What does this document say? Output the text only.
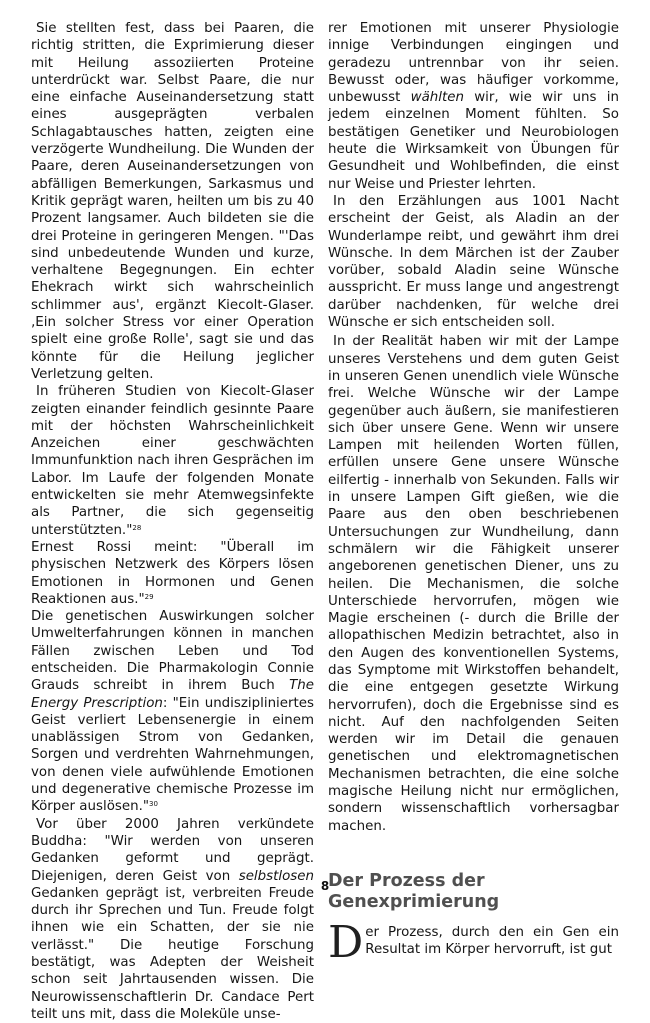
Sie stellten fest, dass bei Paaren, die richtig stritten, die Exprimierung dieser mit Heilung assoziierten Proteine unterdrückt war. Selbst Paare, die nur eine einfache Auseinandersetzung statt eines ausgeprägten verbalen Schlagabtausches hatten, zeigten eine verzögerte Wundheilung. Die Wunden der Paare, deren Auseinandersetzungen von abfälligen Bemerkungen, Sarkasmus und Kritik geprägt waren, heilten um bis zu 40 Prozent langsamer. Auch bildeten sie die drei Proteine in geringeren Mengen. "'Das sind unbedeutende Wunden und kurze, verhaltene Begegnungen. Ein echter Ehekrach wirkt sich wahrscheinlich schlimmer aus', ergänzt Kiecolt-Glaser. ‚Ein solcher Stress vor einer Operation spielt eine große Rolle', sagt sie und das könnte für die Heilung jeglicher Verletzung gelten.

In früheren Studien von Kiecolt-Glaser zeigten einander feindlich gesinnte Paare mit der höchsten Wahrscheinlichkeit Anzeichen einer geschwächten Immunfunktion nach ihren Gesprächen im Labor. Im Laufe der folgenden Monate entwickelten sie mehr Atemwegsinfekte als Partner, die sich gegenseitig unterstützten."$^{28}$

Ernest Rossi meint: "Überall im physischen Netzwerk des Körpers lösen Emotionen in Hormonen und Genen Reaktionen aus."$^{29}$

Die genetischen Auswirkungen solcher Umwelterfahrungen können in manchen Fällen zwischen Leben und Tod entscheiden. Die Pharmakologin Connie Grauds schreibt in ihrem Buch The Energy Prescription: "Ein undiszipliniertes Geist verliert Lebensenergie in einem unablässigen Strom von Gedanken, Sorgen und verdrehten Wahrnehmungen, von denen viele aufwühlende Emotionen und degenerative chemische Prozesse im Körper auslösen."$^{30}$

Vor über 2000 Jahren verkündete Buddha: "Wir werden von unseren Gedanken geformt und geprägt. Diejenigen, deren Geist von selbstlosen Gedanken geprägt ist, verbreiten Freude durch ihr Sprechen und Tun. Freude folgt ihnen wie ein Schatten, der sie nie verlässt." Die heutige Forschung bestätigt, was Adepten der Weisheit schon seit Jahrtausenden wissen. Die Neurowissenschaftlerin Dr. Candace Pert teilt uns mit, dass die Moleküle unse-

rer Emotionen mit unserer Physiologie innige Verbindungen eingingen und geradezu untrennbar von ihr seien. Bewusst oder, was häufiger vorkomme, unbewusst wählten wir, wie wir uns in jedem einzelnen Moment fühlten. So bestätigen Genetiker und Neurobiologen heute die Wirksamkeit von Übungen für Gesundheit und Wohlbefinden, die einst nur Weise und Priester lehrten.

In den Erzählungen aus 1001 Nacht erscheint der Geist, als Aladin an der Wunderlampe reibt, und gewährt ihm drei Wünsche. In dem Märchen ist der Zauber vorüber, sobald Aladin seine Wünsche ausspricht. Er muss lange und angestrengt darüber nachdenken, für welche drei Wünsche er sich entscheiden soll.

In der Realität haben wir mit der Lampe unseres Verstehens und dem guten Geist in unseren Genen unendlich viele Wünsche frei. Welche Wünsche wir der Lampe gegenüber auch äußern, sie manifestieren sich über unsere Gene. Wenn wir unsere Lampen mit heilenden Worten füllen, erfüllen unsere Gene unsere Wünsche eilfertig - innerhalb von Sekunden. Falls wir in unsere Lampen Gift gießen, wie die Paare aus den oben beschriebenen Untersuchungen zur Wundheilung, dann schmälern wir die Fähigkeit unserer angeborenen genetischen Diener, uns zu heilen. Die Mechanismen, die solche Unterschiede hervorrufen, mögen wie Magie erscheinen (- durch die Brille der allopathischen Medizin betrachtet, also in den Augen des konventionellen Systems, das Symptome mit Wirkstoffen behandelt, die eine entgegen gesetzte Wirkung hervorrufen), doch die Ergebnisse sind es nicht. Auf den nachfolgenden Seiten werden wir im Detail die genauen genetischen und elektromagnetischen Mechanismen betrachten, die eine solche magische Heilung nicht nur ermöglichen, sondern wissenschaftlich vorhersagbar machen.

Der Prozess der
Genexprimierung

Der Prozess, durch den ein Gen ein Resultat im Körper hervorruft, ist gut

8
